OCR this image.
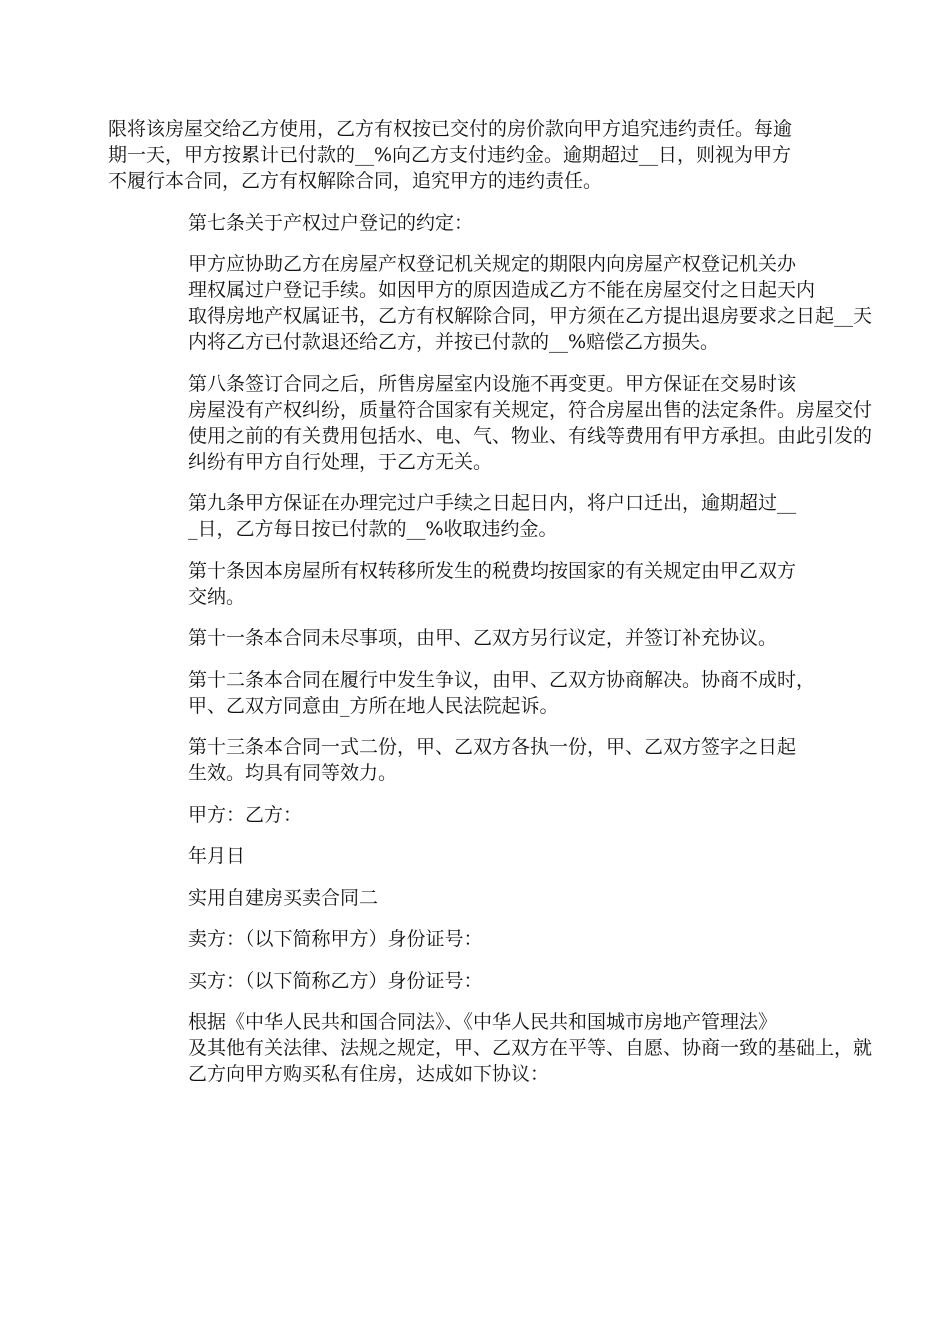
限将该房屋交给乙方使用，乙方有权按已交付的房价款向甲方追究违约责任。每逾
期一天，甲方按累计已付款的__%向乙方支付违约金。逾期超过__日，则视为甲方
不履行本合同，乙方有权解除合同，追究甲方的违约责任。

第七条关于产权过户登记的约定：

甲方应协助乙方在房屋产权登记机关规定的期限内向房屋产权登记机关办
理权属过户登记手续。如因甲方的原因造成乙方不能在房屋交付之日起天内
取得房地产权属证书，乙方有权解除合同，甲方须在乙方提出退房要求之日起__天
内将乙方已付款退还给乙方，并按已付款的__%赔偿乙方损失。

第八条签订合同之后，所售房屋室内设施不再变更。甲方保证在交易时该
房屋没有产权纠纷，质量符合国家有关规定，符合房屋出售的法定条件。房屋交付
使用之前的有关费用包括水、电、气、物业、有线等费用有甲方承担。由此引发的
纠纷有甲方自行处理，于乙方无关。

第九条甲方保证在办理完过户手续之日起日内，将户口迁出，逾期超过__
_日，乙方每日按已付款的__%收取违约金。

第十条因本房屋所有权转移所发生的税费均按国家的有关规定由甲乙双方
交纳。

第十一条本合同未尽事项，由甲、乙双方另行议定，并签订补充协议。

第十二条本合同在履行中发生争议，由甲、乙双方协商解决。协商不成时，
甲、乙双方同意由_方所在地人民法院起诉。

第十三条本合同一式二份，甲、乙双方各执一份，甲、乙双方签字之日起
生效。均具有同等效力。

甲方：乙方：

年月日

实用自建房买卖合同二

卖方：（以下简称甲方）身份证号：

买方：（以下简称乙方）身份证号：

根据《中华人民共和国合同法》、《中华人民共和国城市房地产管理法》
及其他有关法律、法规之规定，甲、乙双方在平等、自愿、协商一致的基础上，就
乙方向甲方购买私有住房，达成如下协议：
